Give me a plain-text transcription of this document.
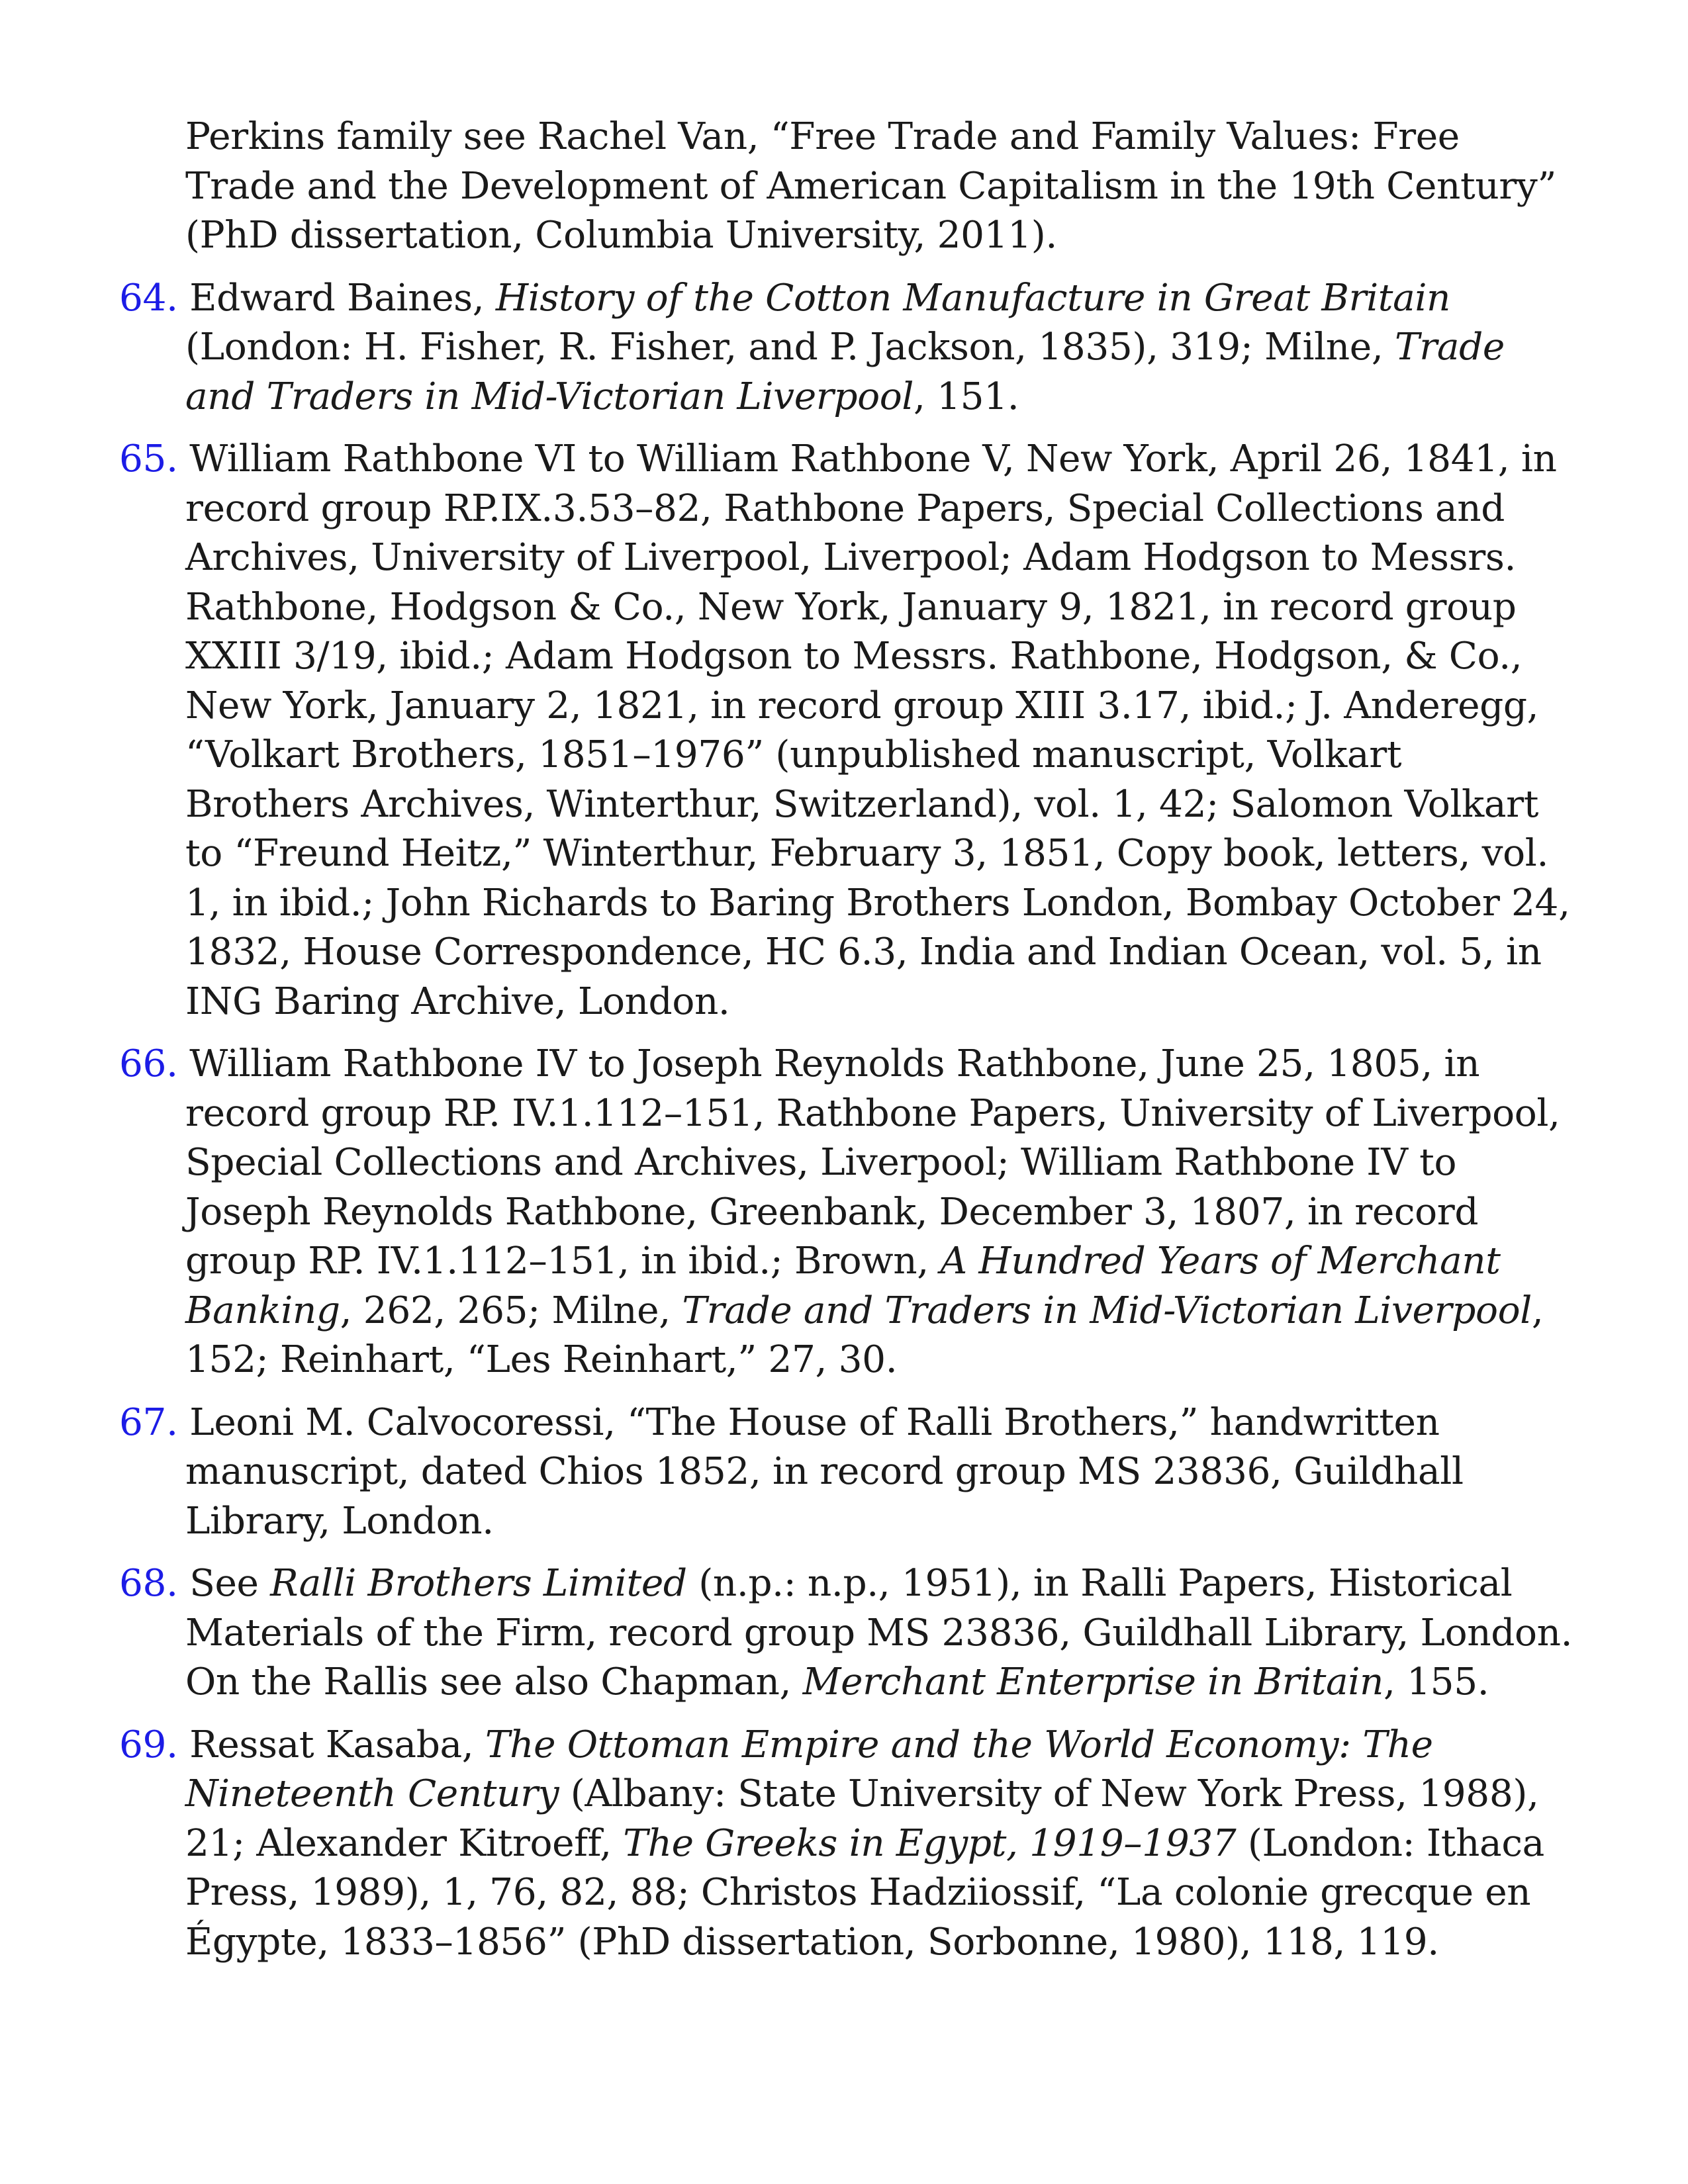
Perkins family see Rachel Van, “Free Trade and Family Values: Free Trade and the Development of American Capitalism in the 19th Century” (PhD dissertation, Columbia University, 2011).

64. Edward Baines, History of the Cotton Manufacture in Great Britain (London: H. Fisher, R. Fisher, and P. Jackson, 1835), 319; Milne, Trade and Traders in Mid-Victorian Liverpool, 151.

65. William Rathbone VI to William Rathbone V, New York, April 26, 1841, in record group RP.IX.3.53–82, Rathbone Papers, Special Collections and Archives, University of Liverpool, Liverpool; Adam Hodgson to Messrs. Rathbone, Hodgson & Co., New York, January 9, 1821, in record group XXIII 3/19, ibid.; Adam Hodgson to Messrs. Rathbone, Hodgson, & Co., New York, January 2, 1821, in record group XIII 3.17, ibid.; J. Anderegg, “Volkart Brothers, 1851–1976” (unpublished manuscript, Volkart Brothers Archives, Winterthur, Switzerland), vol. 1, 42; Salomon Volkart to “Freund Heitz,” Winterthur, February 3, 1851, Copy book, letters, vol. 1, in ibid.; John Richards to Baring Brothers London, Bombay October 24, 1832, House Correspondence, HC 6.3, India and Indian Ocean, vol. 5, in ING Baring Archive, London.

66. William Rathbone IV to Joseph Reynolds Rathbone, June 25, 1805, in record group RP. IV.1.112–151, Rathbone Papers, University of Liverpool, Special Collections and Archives, Liverpool; William Rathbone IV to Joseph Reynolds Rathbone, Greenbank, December 3, 1807, in record group RP. IV.1.112–151, in ibid.; Brown, A Hundred Years of Merchant Banking, 262, 265; Milne, Trade and Traders in Mid-Victorian Liverpool, 152; Reinhart, “Les Reinhart,” 27, 30.

67. Leoni M. Calvocoressi, “The House of Ralli Brothers,” handwritten manuscript, dated Chios 1852, in record group MS 23836, Guildhall Library, London.

68. See Ralli Brothers Limited (n.p.: n.p., 1951), in Ralli Papers, Historical Materials of the Firm, record group MS 23836, Guildhall Library, London. On the Rallis see also Chapman, Merchant Enterprise in Britain, 155.

69. Ressat Kasaba, The Ottoman Empire and the World Economy: The Nineteenth Century (Albany: State University of New York Press, 1988), 21; Alexander Kitroeff, The Greeks in Egypt, 1919–1937 (London: Ithaca Press, 1989), 1, 76, 82, 88; Christos Hadziiossif, “La colonie grecque en Égypte, 1833–1856” (PhD dissertation, Sorbonne, 1980), 118, 119.
